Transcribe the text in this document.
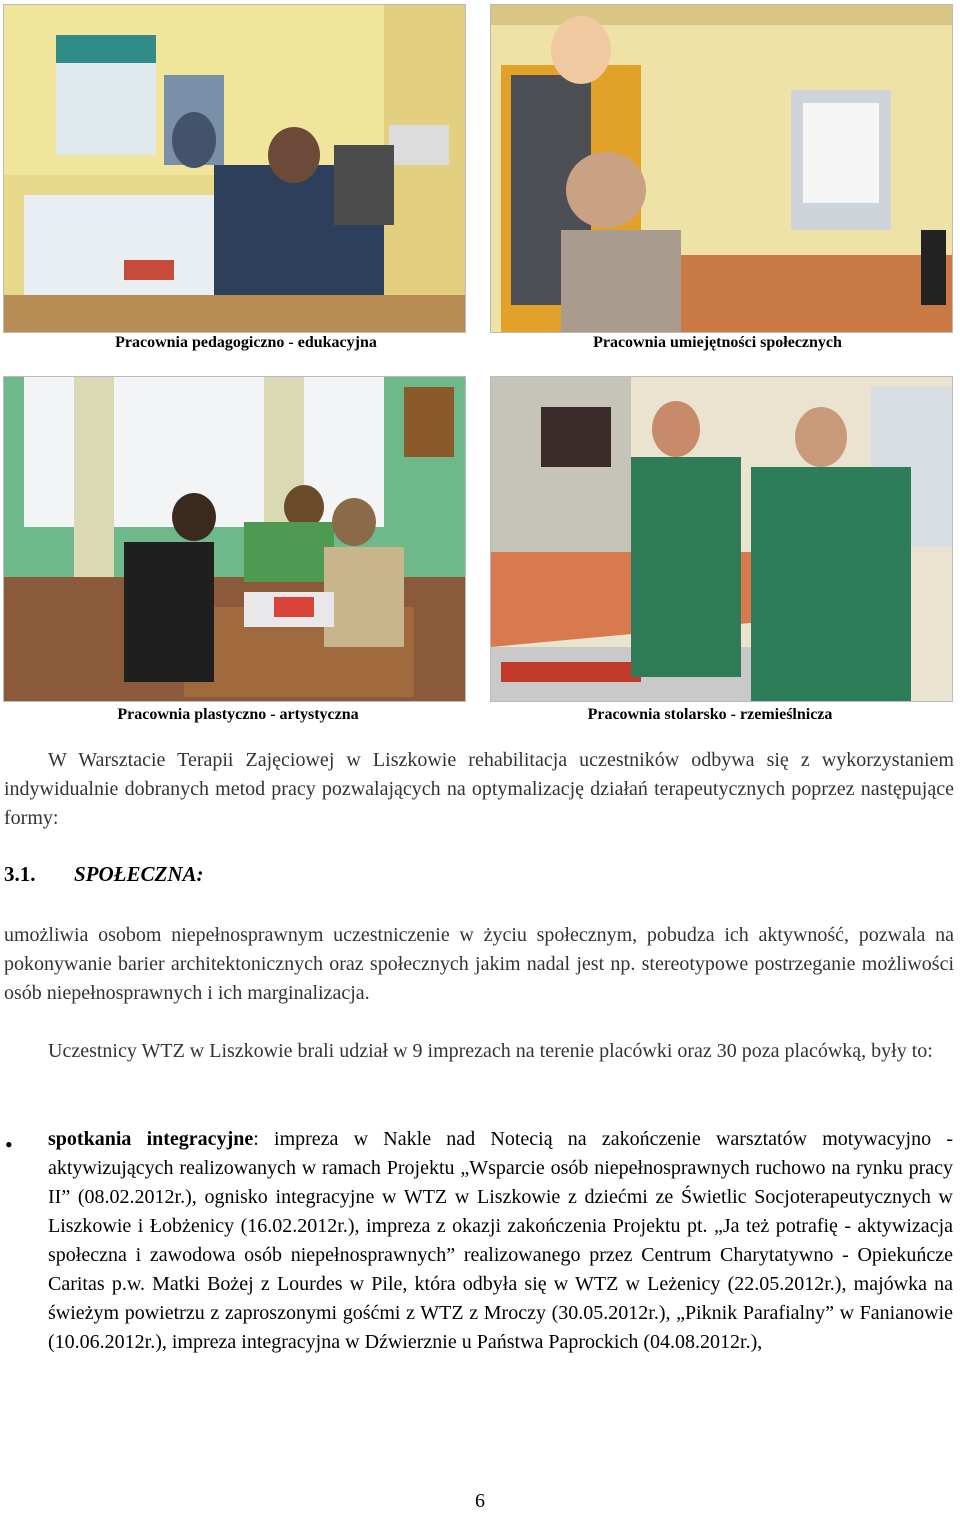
Pracownia pedagogiczno - edukacyjna	Pracownia umiejętności społecznych
Pracownia plastyczno - artystyczna	Pracownia stolarsko - rzemieślnicza
W Warsztacie Terapii Zajęciowej w Liszkowie rehabilitacja uczestników odbywa się z wykorzystaniem indywidualnie dobranych metod pracy pozwalających na optymalizację działań terapeutycznych poprzez następujące formy:
3.1. SPOŁECZNA:
umożliwia osobom niepełnosprawnym uczestniczenie w życiu społecznym, pobudza ich aktywność, pozwala na pokonywanie barier architektonicznych oraz społecznych jakim nadal jest np. stereotypowe postrzeganie możliwości osób niepełnosprawnych i ich marginalizacja.
Uczestnicy WTZ w Liszkowie brali udział w 9 imprezach na terenie placówki oraz 30 poza placówką, były to:
• spotkania integracyjne: impreza w Nakle nad Notecią na zakończenie warsztatów motywacyjno - aktywizujących realizowanych w ramach Projektu „Wsparcie osób niepełnosprawnych ruchowo na rynku pracy II” (08.02.2012r.), ognisko integracyjne w WTZ w Liszkowie z dziećmi ze Świetlic Socjoterapeutycznych w Liszkowie i Łobżenicy (16.02.2012r.), impreza z okazji zakończenia Projektu pt. „Ja też potrafię - aktywizacja społeczna i zawodowa osób niepełnosprawnych” realizowanego przez Centrum Charytatywno - Opiekuńcze Caritas p.w. Matki Bożej z Lourdes w Pile, która odbyła się w WTZ w Leżenicy (22.05.2012r.), majówka na świeżym powietrzu z zaproszonymi gośćmi z WTZ z Mroczy (30.05.2012r.), „Piknik Parafialny” w Fanianowie (10.06.2012r.), impreza integracyjna w Dźwierznie u Państwa Paprockich (04.08.2012r.),
6
